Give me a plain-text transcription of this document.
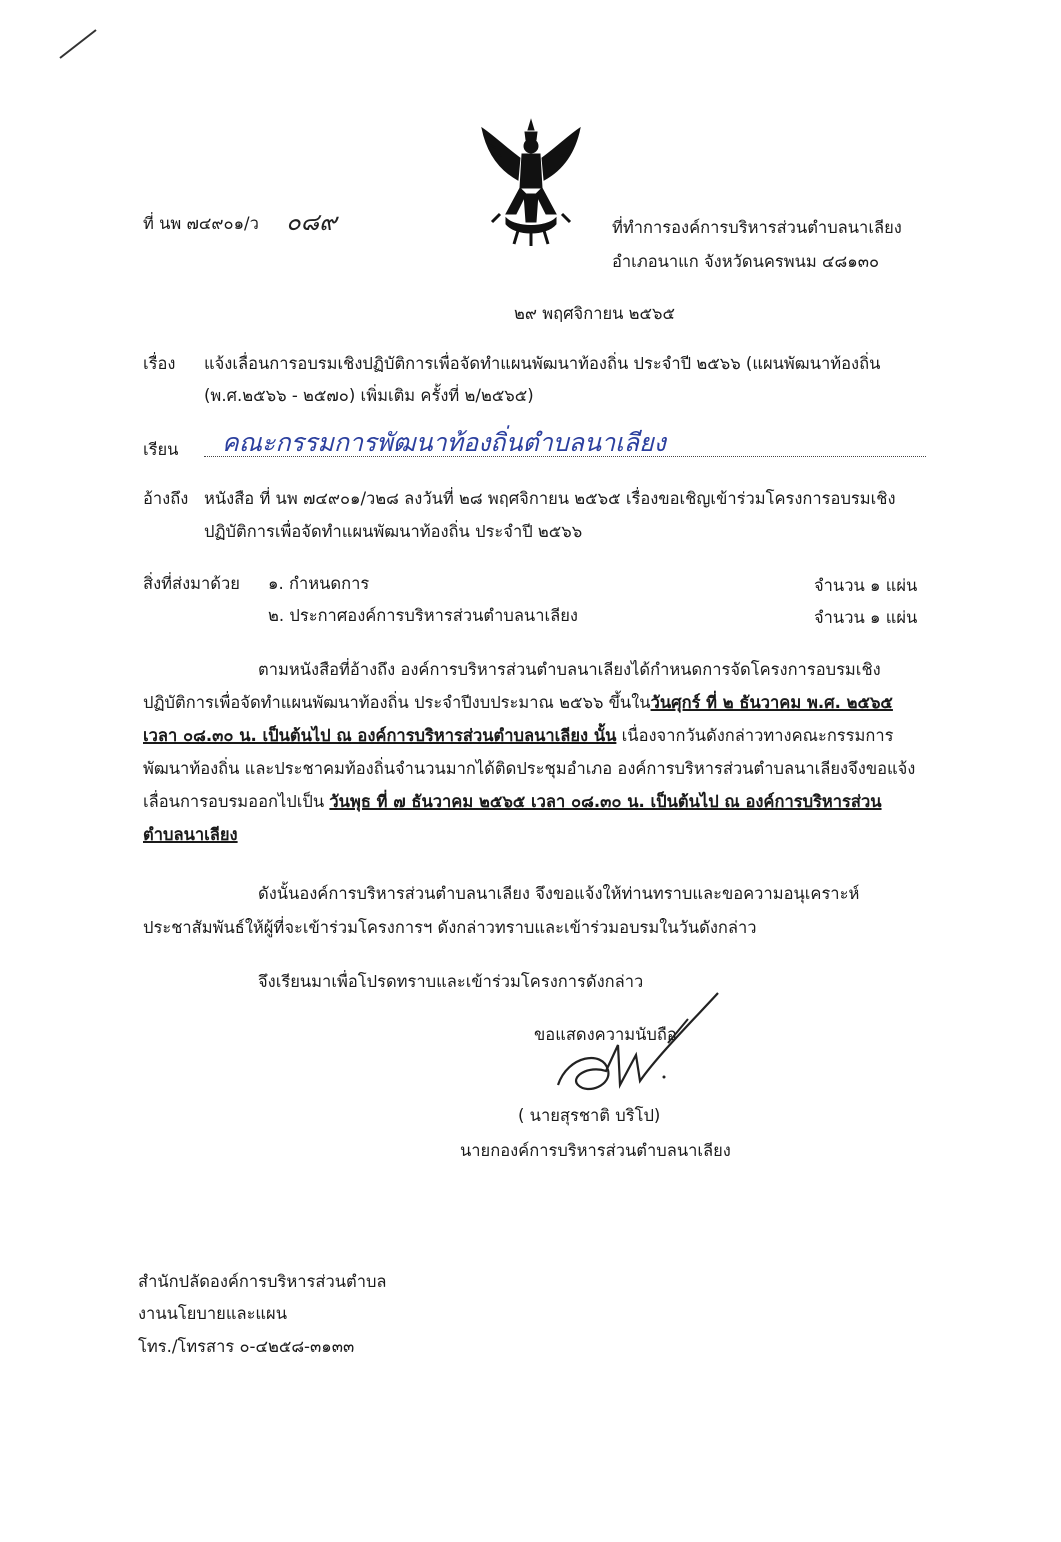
ที่ นพ ๗๔๙๐๑/ว ๐๘๙	ที่ทำการองค์การบริหารส่วนตำบลนาเลียง
อำเภอนาแก จังหวัดนครพนม ๔๘๑๓๐
๒๙ พฤศจิกายน ๒๕๖๕
เรื่อง แจ้งเลื่อนการอบรมเชิงปฏิบัติการเพื่อจัดทำแผนพัฒนาท้องถิ่น ประจำปี ๒๕๖๖ (แผนพัฒนาท้องถิ่น
(พ.ศ.๒๕๖๖ - ๒๕๗๐) เพิ่มเติม ครั้งที่ ๒/๒๕๖๕)
เรียน คณะกรรมการพัฒนาท้องถิ่นตำบลนาเลียง
อ้างถึง หนังสือ ที่ นพ ๗๔๙๐๑/ว๒๘ ลงวันที่ ๒๘ พฤศจิกายน ๒๕๖๕ เรื่องขอเชิญเข้าร่วมโครงการอบรมเชิง
ปฏิบัติการเพื่อจัดทำแผนพัฒนาท้องถิ่น ประจำปี ๒๕๖๖
สิ่งที่ส่งมาด้วย ๑. กำหนดการ	จำนวน ๑ แผ่น
๒. ประกาศองค์การบริหารส่วนตำบลนาเลียง	จำนวน ๑ แผ่น
ตามหนังสือที่อ้างถึง องค์การบริหารส่วนตำบลนาเลียงได้กำหนดการจัดโครงการอบรมเชิง
ปฏิบัติการเพื่อจัดทำแผนพัฒนาท้องถิ่น ประจำปีงบประมาณ ๒๕๖๖ ขึ้นในวันศุกร์ ที่ ๒ ธันวาคม พ.ศ. ๒๕๖๕
เวลา ๐๘.๓๐ น. เป็นต้นไป ณ องค์การบริหารส่วนตำบลนาเลียง นั้น เนื่องจากวันดังกล่าวทางคณะกรรมการ
พัฒนาท้องถิ่น และประชาคมท้องถิ่นจำนวนมากได้ติดประชุมอำเภอ องค์การบริหารส่วนตำบลนาเลียงจึงขอแจ้ง
เลื่อนการอบรมออกไปเป็น วันพุธ ที่ ๗ ธันวาคม ๒๕๖๕ เวลา ๐๘.๓๐ น. เป็นต้นไป ณ องค์การบริหารส่วน
ตำบลนาเลียง
ดังนั้นองค์การบริหารส่วนตำบลนาเลียง จึงขอแจ้งให้ท่านทราบและขอความอนุเคราะห์
ประชาสัมพันธ์ให้ผู้ที่จะเข้าร่วมโครงการฯ ดังกล่าวทราบและเข้าร่วมอบรมในวันดังกล่าว
จึงเรียนมาเพื่อโปรดทราบและเข้าร่วมโครงการดังกล่าว
ขอแสดงความนับถือ
( นายสุรชาติ บริโป)
นายกองค์การบริหารส่วนตำบลนาเลียง
สำนักปลัดองค์การบริหารส่วนตำบล
งานนโยบายและแผน
โทร./โทรสาร ๐-๔๒๕๘-๓๑๓๓
